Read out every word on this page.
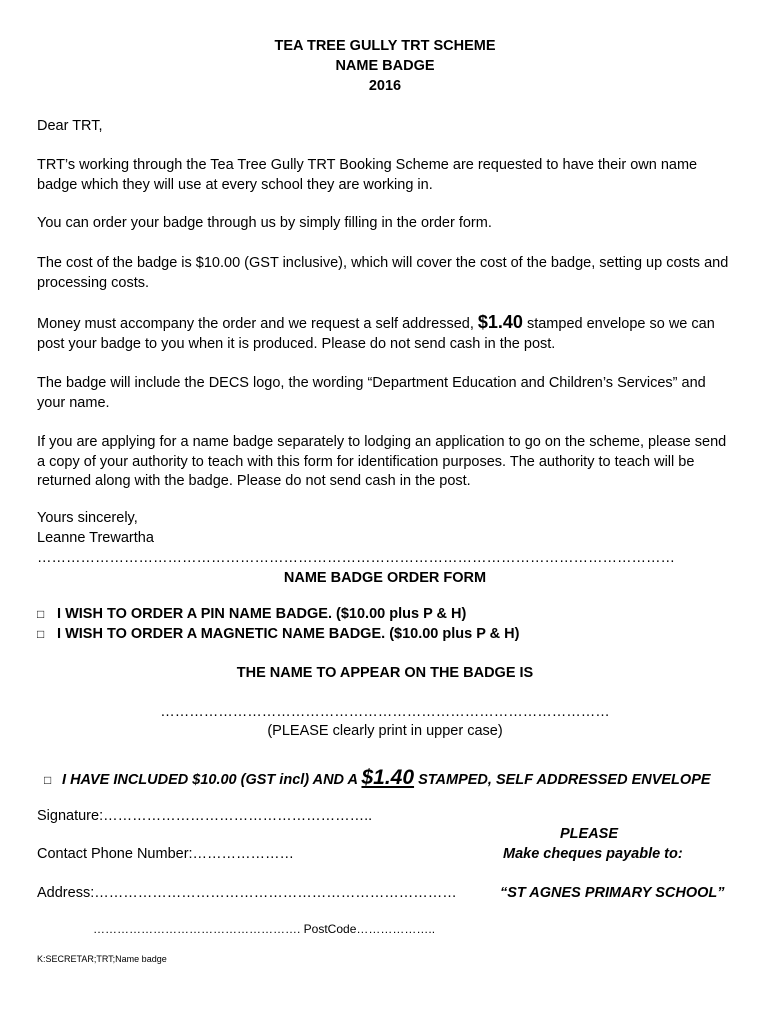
TEA TREE GULLY TRT SCHEME
NAME BADGE
2016
Dear TRT,
TRT’s working through the Tea Tree Gully TRT Booking Scheme are requested to have their own name badge which they will use at every school they are working in.
You can order your badge through us by simply filling in the order form.
The cost of the badge is $10.00 (GST inclusive), which will cover the cost of the badge, setting up costs and processing costs.
Money must accompany the order and we request a self addressed, $1.40 stamped envelope so we can post your badge to you when it is produced. Please do not send cash in the post.
The badge will include the DECS logo, the wording “Department Education and Children’s Services” and your name.
If you are applying for a name badge separately to lodging an application to go on the scheme, please send a copy of your authority to teach with this form for identification purposes. The authority to teach will be returned along with the badge. Please do not send cash in the post.
Yours sincerely,
Leanne Trewartha
……………………………………………………………………………………………………………………
NAME BADGE ORDER FORM
□ I WISH TO ORDER A PIN NAME BADGE. ($10.00 plus P & H)
□ I WISH TO ORDER A MAGNETIC NAME BADGE. ($10.00 plus P & H)
THE NAME TO APPEAR ON THE BADGE IS
…………………………………………………………………………………
(PLEASE clearly print in upper case)
□ I HAVE INCLUDED $10.00 (GST incl) AND A $1.40 STAMPED, SELF ADDRESSED ENVELOPE
Signature:………………………………………………..
PLEASE
Contact Phone Number:…………………	Make cheques payable to:
Address:…………………………………………………………………	“ST AGNES PRIMARY SCHOOL”
……………………………………………. PostCode………………..
K:SECRETAR;TRT;Name badge
